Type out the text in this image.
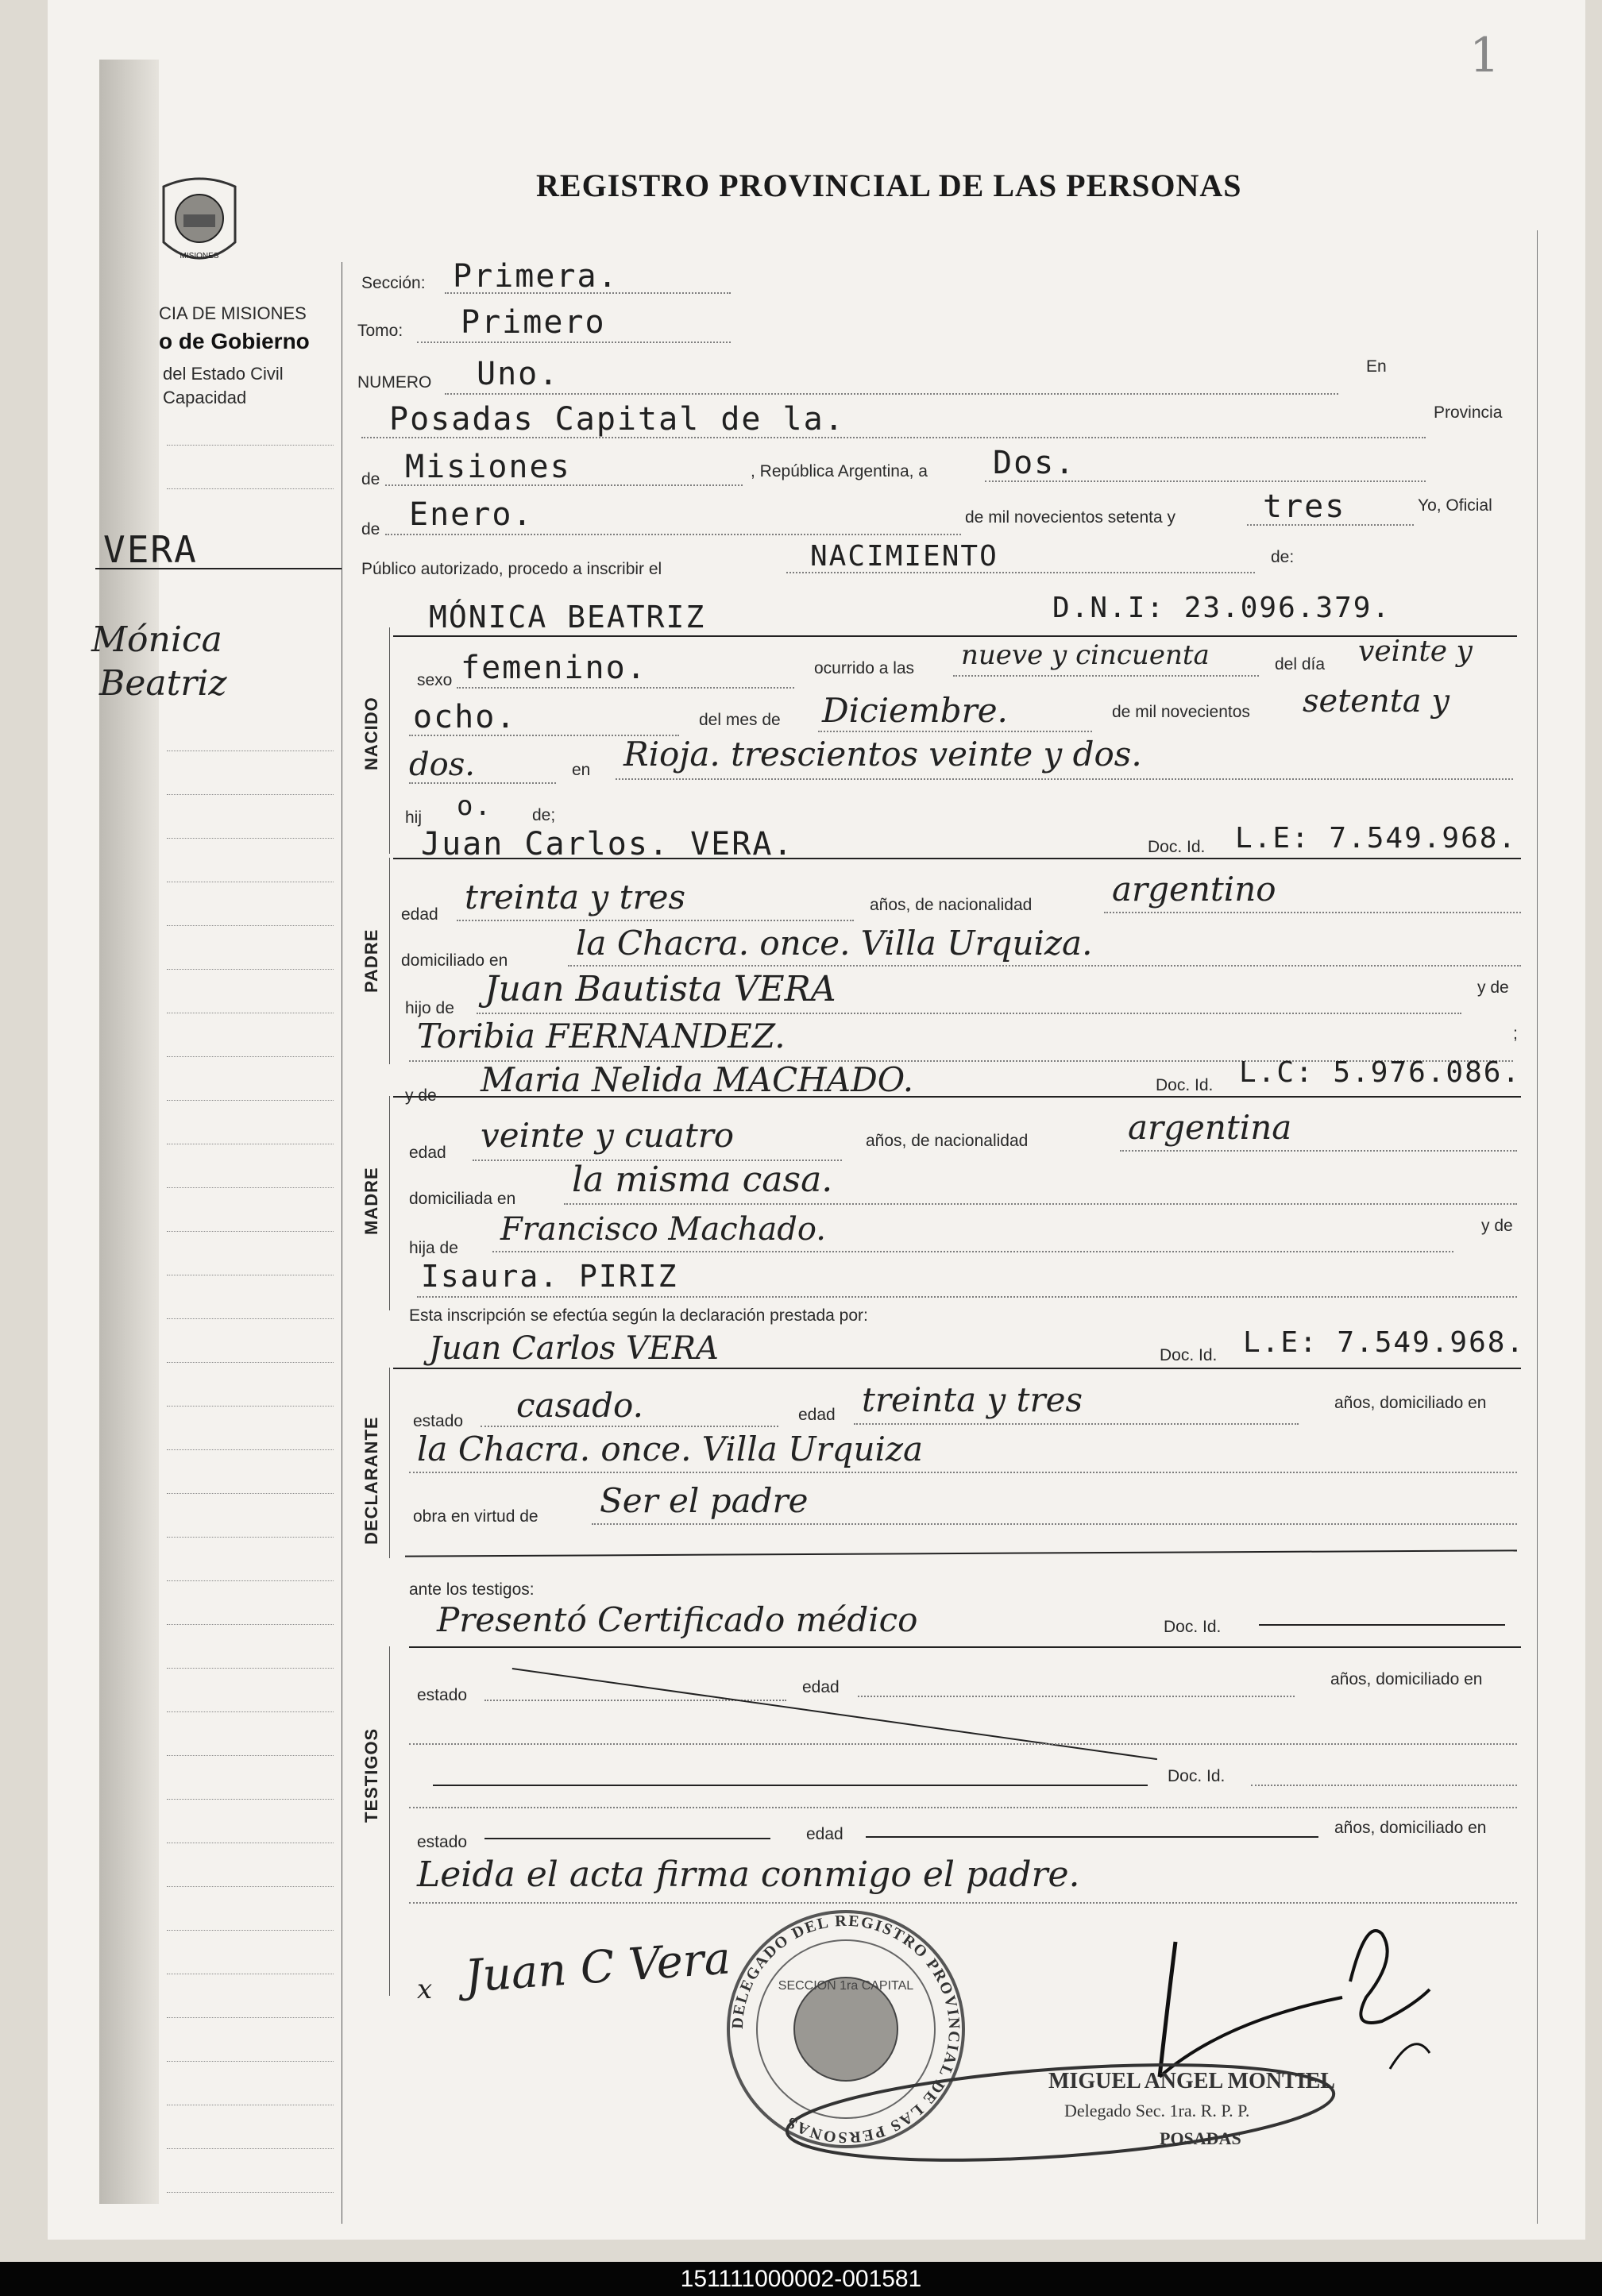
1
MISIONES
CIA DE MISIONES
o de Gobierno
del Estado Civil
Capacidad
VERA
Mónica
Beatriz
REGISTRO PROVINCIAL DE LAS PERSONAS
Sección: Primera.
Tomo: Primero
NUMERO Uno.	En
Posadas Capital de la.	Provincia
de Misiones	, República Argentina, a Dos.
de Enero.	de mil novecientos setenta y	tres	Yo, Oficial
Público autorizado, procedo a inscribir el	NACIMIENTO	de:
MÓNICA BEATRIZ	D.N.I: 23.096.379.
NACIDO
sexo femenino.	ocurrido a las nueve y cincuenta	del día veinte y
ocho.	del mes de Diciembre.	de mil novecientos setenta y
dos.	en Rioja. trescientos veinte y dos.
hij o. de;
Juan Carlos. VERA.	Doc. Id. L.E: 7.549.968.
PADRE
edad treinta y tres	años, de nacionalidad argentino
domiciliado en la Chacra. once. Villa Urquiza.
hijo de Juan Bautista VERA	y de
Toribia FERNANDEZ.	;
y de Maria Nelida MACHADO.	Doc. Id. L.C: 5.976.086.
MADRE
edad veinte y cuatro	años, de nacionalidad	argentina
domiciliada en la misma casa.
hija de
Francisco Machado.	y de
Isaura. PIRIZ
Esta inscripción se efectúa según la declaración prestada por:
Juan Carlos VERA	Doc. Id. L.E: 7.549.968.
DECLARANTE estado casado.	edad treinta y tres	años, domiciliado en
la Chacra. once. Villa Urquiza
obra en virtud de Ser el padre
ante los testigos:
Presentó Certificado médico	Doc. Id.
TESTIGOS
estado	edad	años, domiciliado en
Doc. Id.
estado	edad	años, domiciliado en
Leida el acta firma conmigo el padre.
x Juan C Vera
DELEGADO DEL REGISTRO PROVINCIAL DE LAS PERSONAS
SECCION 1ra CAPITAL
MIGUEL ANGEL MONTIEL
Delegado Sec. 1ra. R. P. P.
POSADAS
151111000002-001581
